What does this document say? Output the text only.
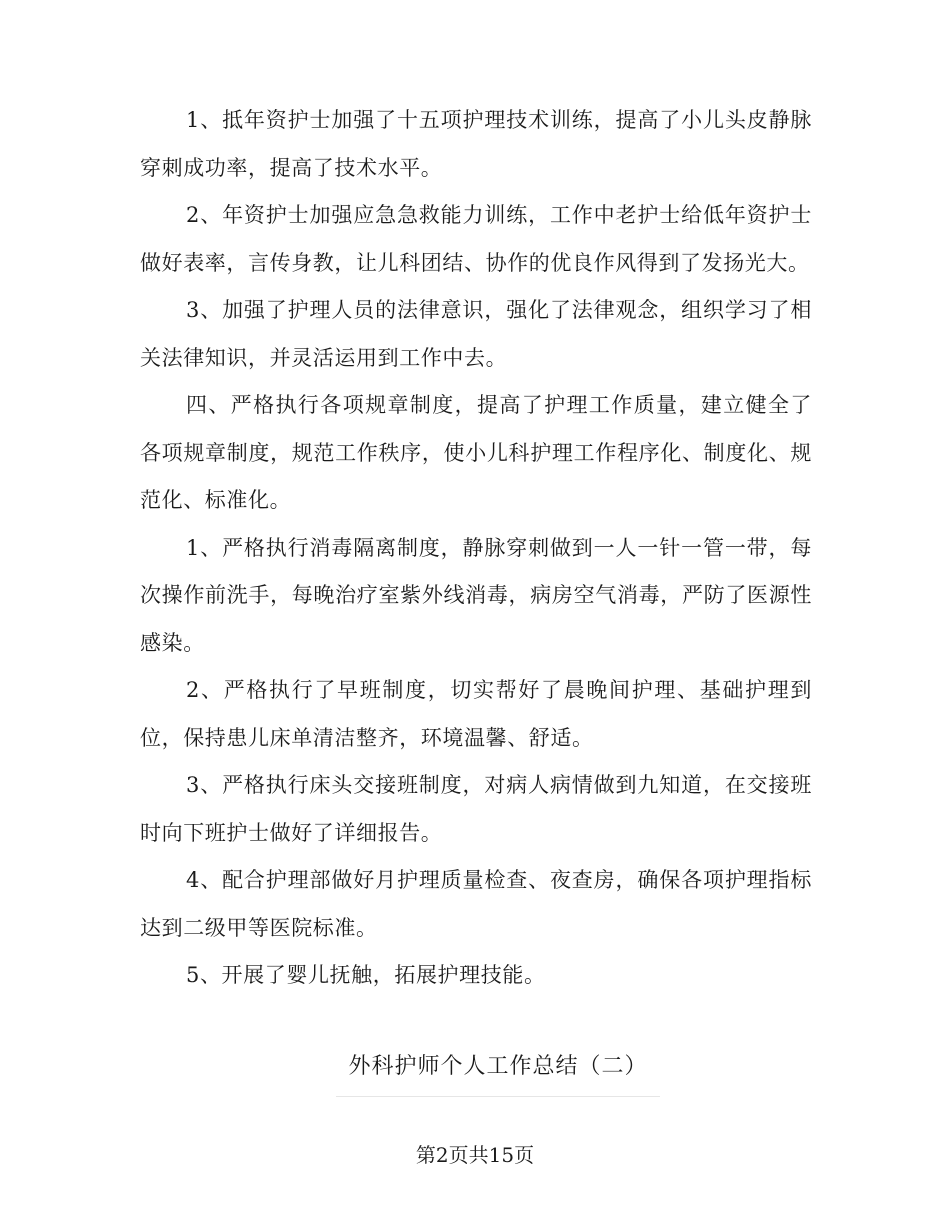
1、抵年资护士加强了十五项护理技术训练，提高了小儿头皮静脉穿刺成功率，提高了技术水平。

2、年资护士加强应急急救能力训练，工作中老护士给低年资护士做好表率，言传身教，让儿科团结、协作的优良作风得到了发扬光大。

3、加强了护理人员的法律意识，强化了法律观念，组织学习了相关法律知识，并灵活运用到工作中去。

四、严格执行各项规章制度，提高了护理工作质量，建立健全了各项规章制度，规范工作秩序，使小儿科护理工作程序化、制度化、规范化、标准化。

1、严格执行消毒隔离制度，静脉穿刺做到一人一针一管一带，每次操作前洗手，每晚治疗室紫外线消毒，病房空气消毒，严防了医源性感染。

2、严格执行了早班制度，切实帮好了晨晚间护理、基础护理到位，保持患儿床单清洁整齐，环境温馨、舒适。

3、严格执行床头交接班制度，对病人病情做到九知道，在交接班时向下班护士做好了详细报告。

4、配合护理部做好月护理质量检查、夜查房，确保各项护理指标达到二级甲等医院标准。

5、开展了婴儿抚触，拓展护理技能。

外科护师个人工作总结（二）
第2页共15页
